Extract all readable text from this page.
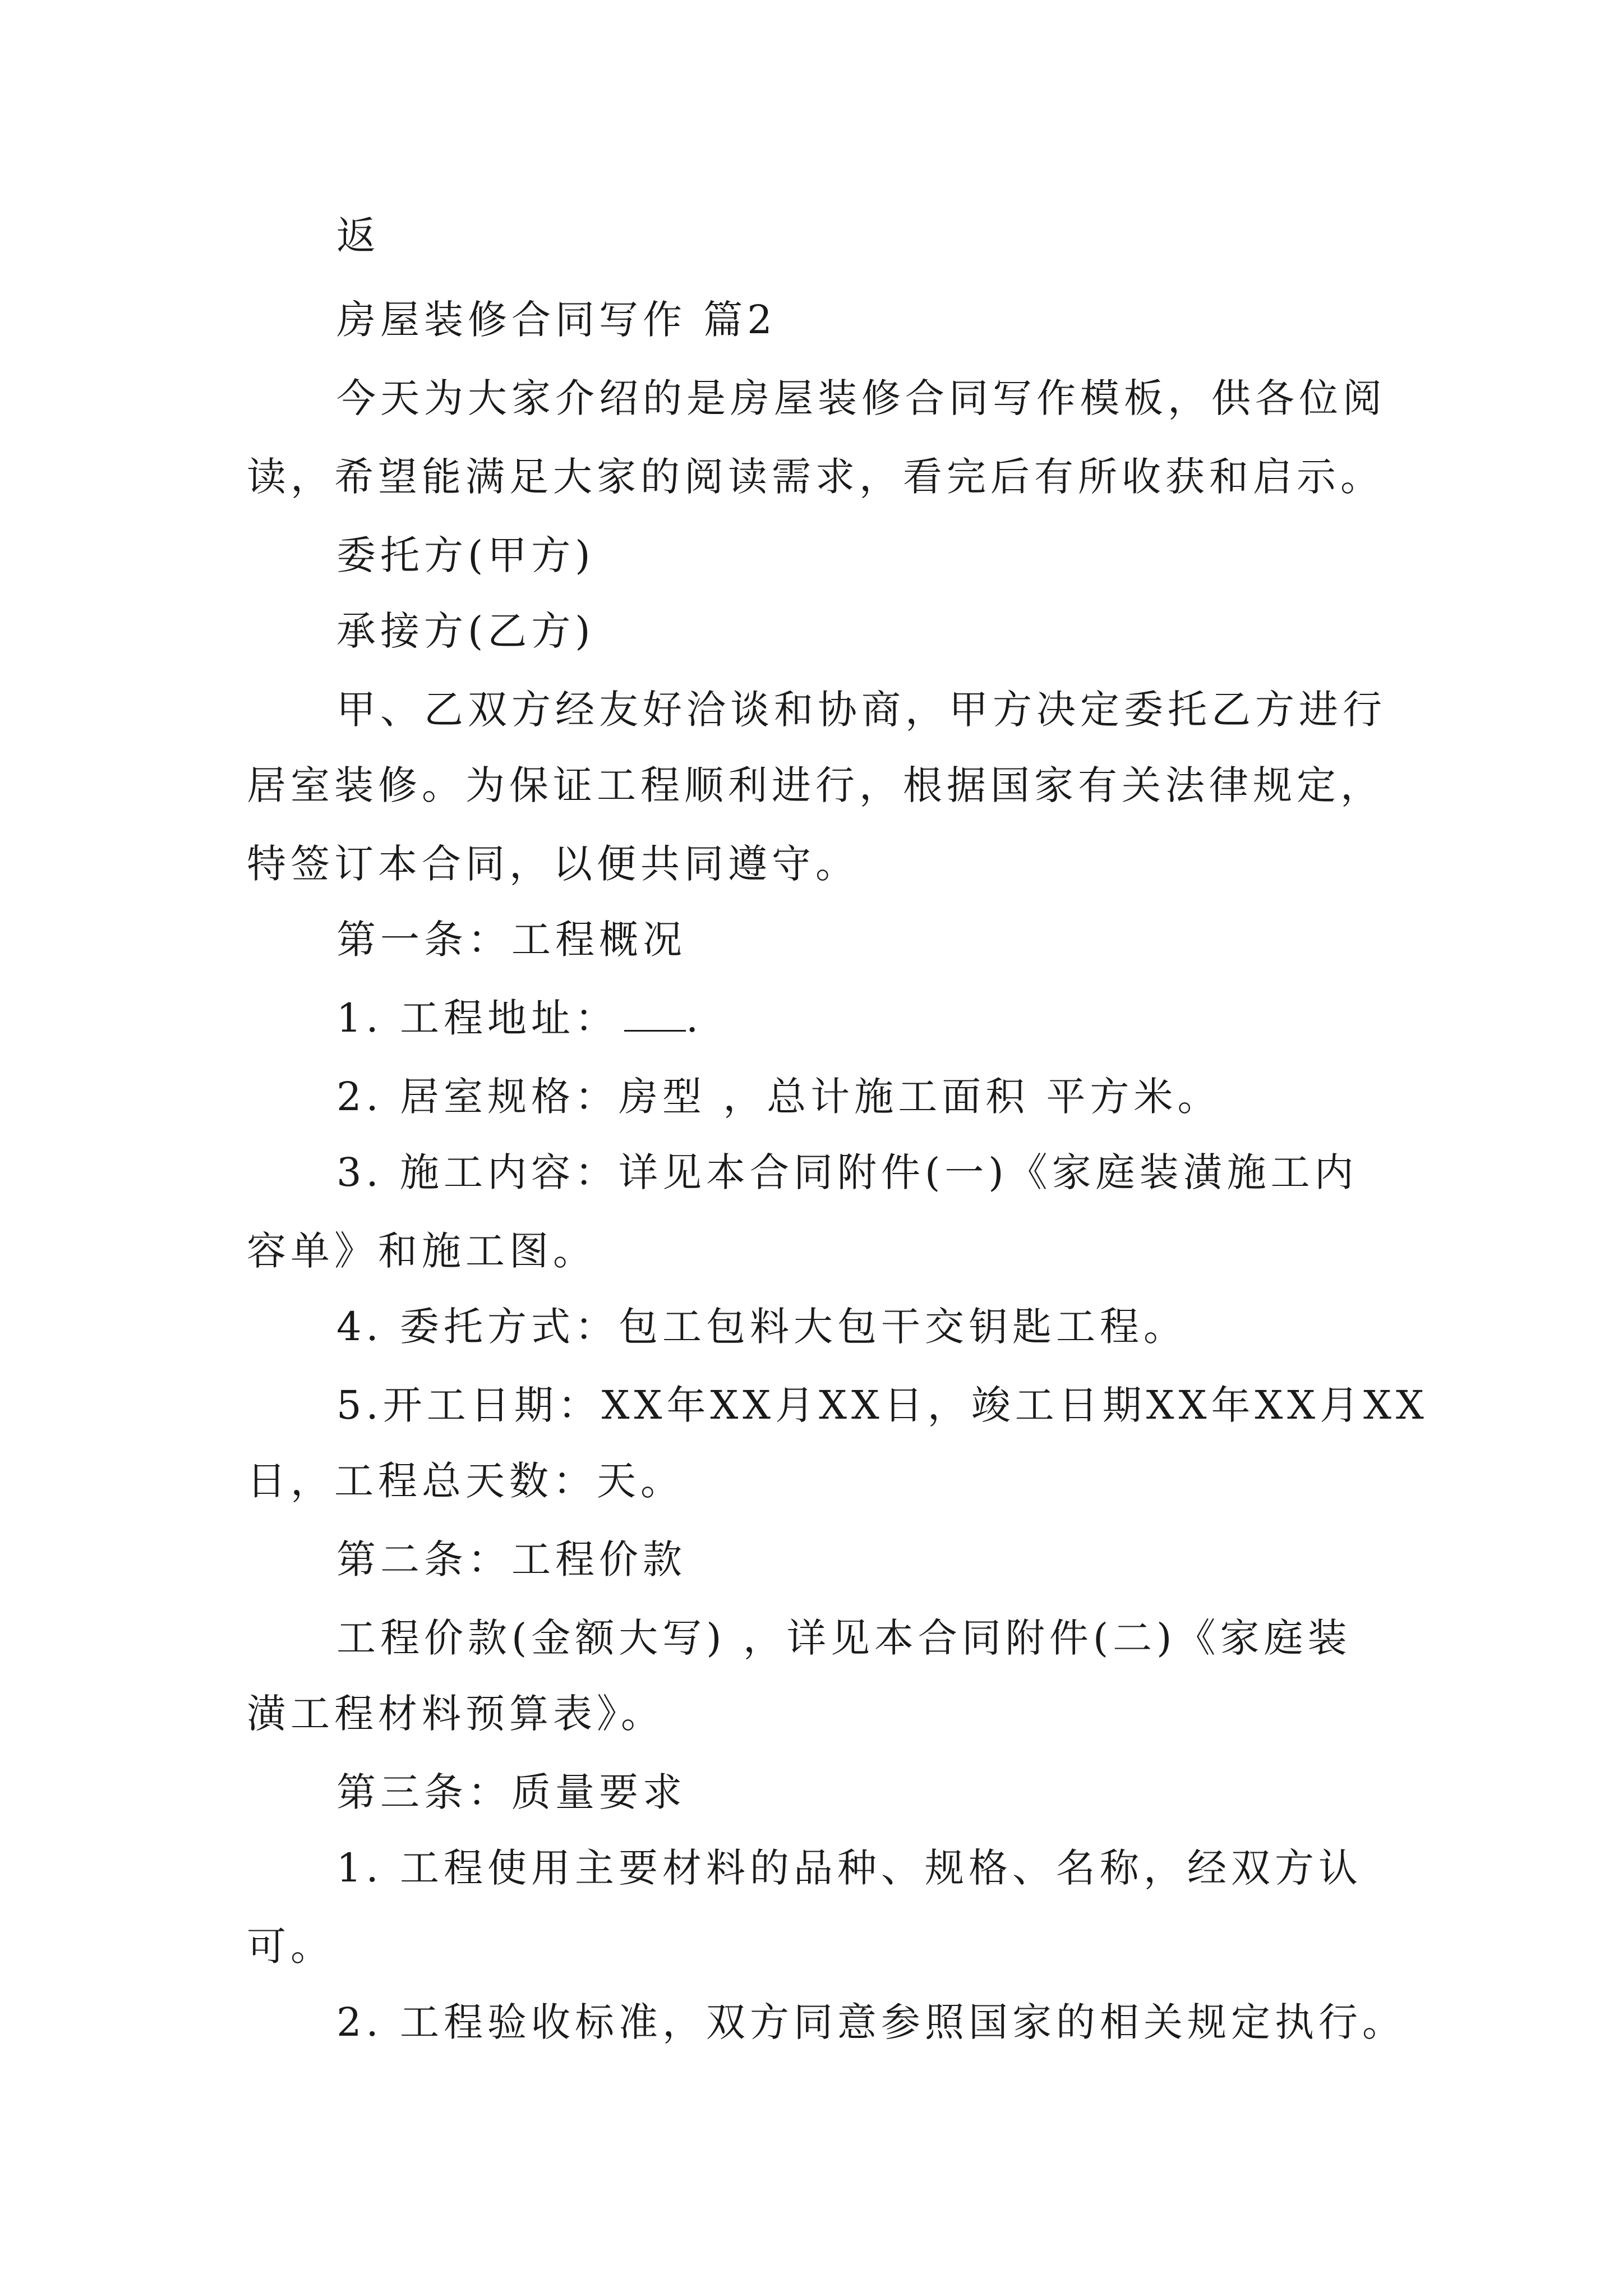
返
房屋装修合同写作 篇2
今天为大家介绍的是房屋装修合同写作模板，供各位阅
读，希望能满足大家的阅读需求，看完后有所收获和启示。
委托方(甲方)
承接方(乙方)
甲、乙双方经友好洽谈和协商，甲方决定委托乙方进行
居室装修。为保证工程顺利进行，根据国家有关法律规定，
特签订本合同，以便共同遵守。
第一条：工程概况
1. 工程地址： .
2. 居室规格：房型 ，总计施工面积 平方米。
3. 施工内容：详见本合同附件(一)《家庭装潢施工内
容单》和施工图。
4. 委托方式：包工包料大包干交钥匙工程。
5.开工日期：XX年XX月XX日，竣工日期XX年XX月XX
日，工程总天数：天。
第二条：工程价款
工程价款(金额大写) ，详见本合同附件(二)《家庭装
潢工程材料预算表》。
第三条：质量要求
1. 工程使用主要材料的品种、规格、名称，经双方认
可。
2. 工程验收标准，双方同意参照国家的相关规定执行。
